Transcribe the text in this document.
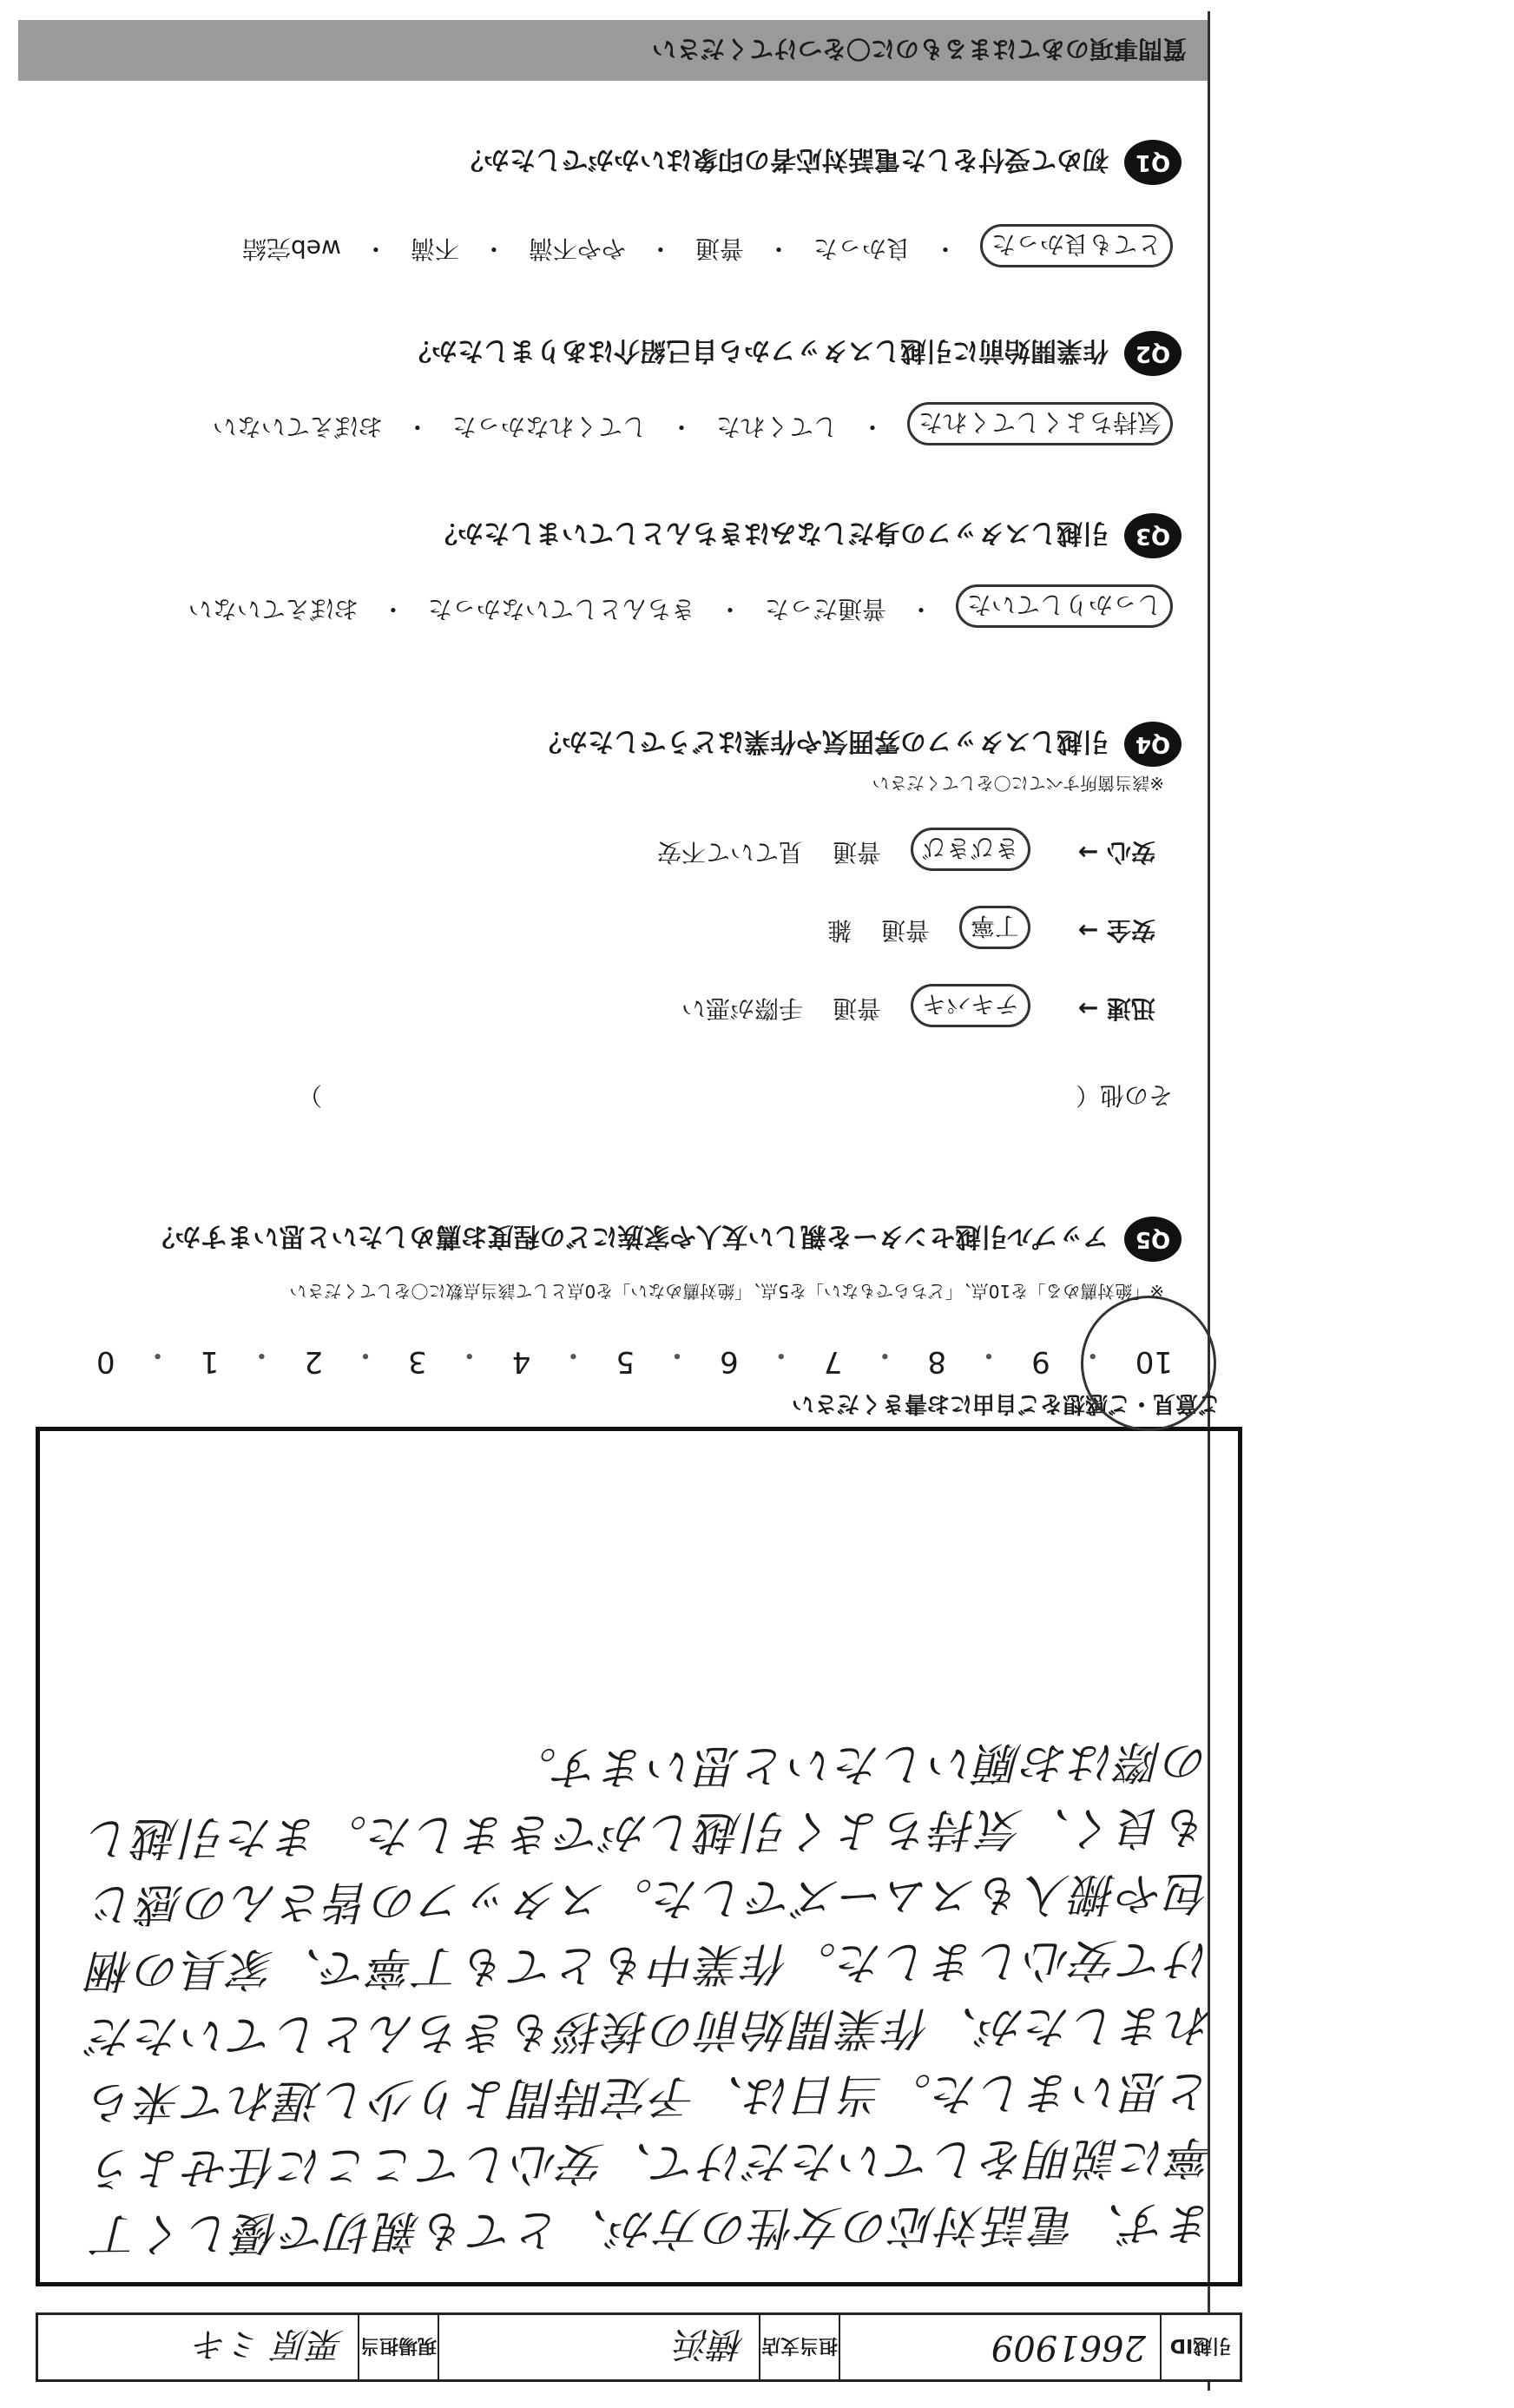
引越ID
2661909
担当支店
横浜
現場担当
栗原 ミキ
まず、電話対応の女性の方が、とても親切で優しく丁寧に説明をしていただけて、安心してここに任せようと思いました。当日は、予定時間より少し遅れて来られましたが、作業開始前の挨拶もきちんとしていただけて安心しました。作業中もとても丁寧で、家具の梱包や搬入もスムーズでした。スタッフの皆さんの感じも良く、気持ちよく引越しができました。また引越しの際はお願いしたいと思います。
ご意見・ご感想をご自由にお書きください
10
・
9
・
8
・
7
・
6
・
5
・
4
・
3
・
2
・
1
・
0
※「絶対薦める」を10点、「どちらでもない」を5点、「絶対薦めない」を0点として該当点数に〇をしてください
Q5
アップル引越センターを親しい友人や家族にどの程度お薦めしたいと思いますか？
その他（　　　　　　　　　　　　　　　　　　　　　　　　　　　　　　　）
迅速 →
テキパキ
普通
手際が悪い
安全 →
丁寧
普通
雑
安心 →
きびきび
普通
見ていて不安
※該当箇所すべてに〇をしてください
Q4
引越しスタッフの雰囲気や作業はどうでしたか？
しっかりしていた
・
普通だった
・
きちんとしていなかった
・
おぼえていない
Q3
引越しスタッフの身だしなみはきちんとしていましたか？
気持ちよくしてくれた
・
してくれた
・
してくれなかった
・
おぼえていない
Q2
作業開始前に引越しスタッフから自己紹介はありましたか？
とても良かった
・
良かった
・
普通
・
やや不満
・
不満
・
web完結
Q1
初めて受付をした電話対応者の印象はいかがでしたか？
質問事項のあてはまるものに〇をつけてください
